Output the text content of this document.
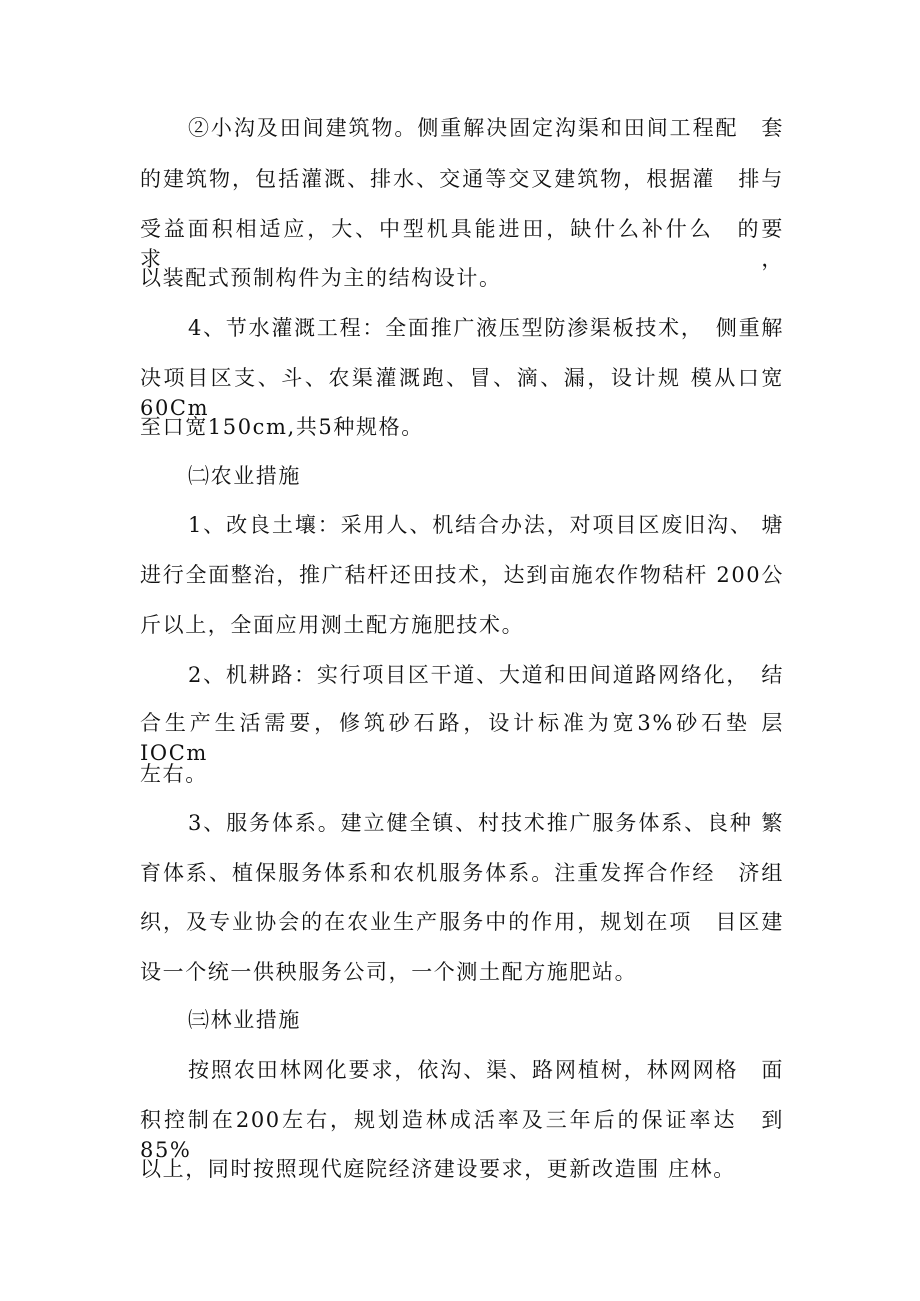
②小沟及田间建筑物。侧重解决固定沟渠和田间工程配　套
的建筑物，包括灌溉、排水、交通等交叉建筑物，根据灌　排与
受益面积相适应，大、中型机具能进田，缺什么补什么　的要求，
以装配式预制构件为主的结构设计。
4、节水灌溉工程：全面推广液压型防渗渠板技术，　侧重解
决项目区支、斗、农渠灌溉跑、冒、滴、漏，设计规 模从口宽60Cm
至口宽150cm,共5种规格。
㈡农业措施
1、改良土壤：采用人、机结合办法，对项目区废旧沟、 塘
进行全面整治，推广秸杆还田技术，达到亩施农作物秸杆 200公
斤以上，全面应用测土配方施肥技术。
2、机耕路：实行项目区干道、大道和田间道路网络化，　结
合生产生活需要，修筑砂石路，设计标准为宽3%砂石垫 层IOCm
左右。
3、服务体系。建立健全镇、村技术推广服务体系、良种 繁
育体系、植保服务体系和农机服务体系。注重发挥合作经　济组
织，及专业协会的在农业生产服务中的作用，规划在项　目区建
设一个统一供秧服务公司，一个测土配方施肥站。
㈢林业措施
按照农田林网化要求，依沟、渠、路网植树，林网网格　面
积控制在200左右，规划造林成活率及三年后的保证率达　到85%
以上，同时按照现代庭院经济建设要求，更新改造围 庄林。
